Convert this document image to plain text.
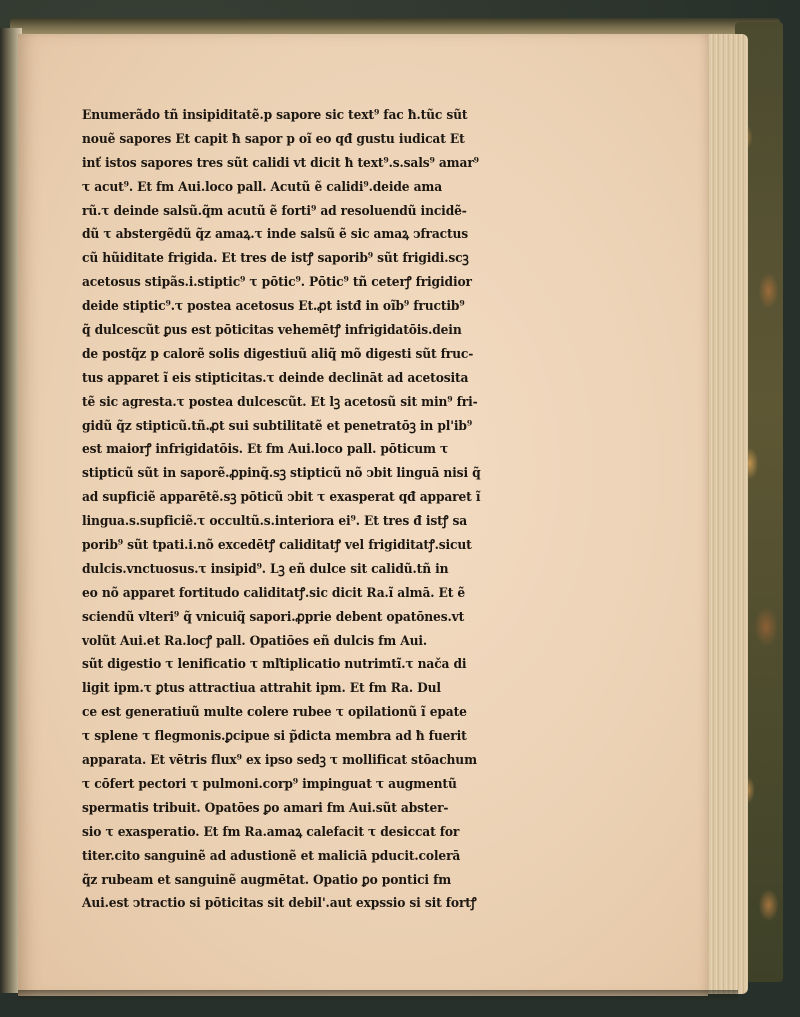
Enumerãdo tñ insipiditatẽ.p sapore sic text⁹ fac ħ.tũc sũt
nouẽ sapores Et capit ħ sapor p oĩ eo qđ gustu iudicat Et
inť istos sapores tres sũt calidi vt dicit ħ text⁹.s.sals⁹ amar⁹
τ acut⁹. Et fm Aui.loco pall. Acutũ ẽ calidi⁹.deide ama
rũ.τ deinde salsũ.q̃m acutũ ẽ forti⁹ ad resoluendũ incidẽ-
dũ τ abstergẽdũ q̃z amaꝝ.τ inde salsũ ẽ sic amaꝝ ↄfractus
cũ hũiditate frigida. Et tres de istꝭ saporib⁹ sũt frigidi.scꝫ
acetosus stipãs.i.stiptic⁹ τ pōtic⁹. Pōtic⁹ tñ ceterꝭ frigidior
deide stiptic⁹.τ postea acetosus Et.ꝓt istđ in oĩb⁹ fructib⁹
q̃ dulcescũt ꝑus est pōticitas vehemētꝭ infrigidatōis.dein
de postq̃z p calorẽ solis digestiuũ aliq̃ mõ digesti sũt fruc-
tus apparet ĩ eis stipticitas.τ deinde declināt ad acetosita
tẽ sic agresta.τ postea dulcescũt. Et lꝫ acetosũ sit min⁹ fri-
gidũ q̃z stipticũ.tñ.ꝓt sui subtilitatẽ et penetratōꝫ in pl'ib⁹
est maiorꝭ infrigidatōis. Et fm Aui.loco pall. pōticum τ
stipticũ sũt in saporẽ.ꝓpinq̃.sꝫ stipticũ nõ ↄbit linguā nisi q̃
ad supficiẽ apparētẽ.sꝫ pōticũ ↄbit τ exasperat qđ apparet ĩ
lingua.s.supficiẽ.τ occultũ.s.interiora ei⁹. Et tres đ istꝭ sa
porib⁹ sũt tpati.i.nõ excedētꝭ caliditatꝭ vel frigiditatꝭ.sicut
dulcis.vnctuosus.τ insipid⁹. Lꝫ eñ dulce sit calidũ.tñ in
eo nõ apparet fortitudo caliditatꝭ.sic dicit Ra.ĩ almā. Et ẽ
sciendũ vlteri⁹ q̃ vnicuiq̃ sapori.ꝓprie debent opatōnes.vt
volũt Aui.et Ra.locꝭ pall. Opatiōes eñ dulcis fm Aui.
sũt digestio τ lenificatio τ mľtiplicatio nutrimtĩ.τ nača di
ligit ipm.τ ꝑtus attractiua attrahit ipm. Et fm Ra. Dul
ce est generatiuũ multe colere rubee τ opilationũ ĩ epate
τ splene τ flegmonis.ꝑcipue si p̃dicta membra ad ħ fuerit
apparata. Et vētris flux⁹ ex ipso sedꝫ τ mollificat stōachum
τ cōfert pectori τ pulmoni.corp⁹ impinguat τ augmentũ
spermatis tribuit. Opatōes ꝑo amari fm Aui.sũt abster-
sio τ exasperatio. Et fm Ra.amaꝝ calefacit τ desiccat for
titer.cito sanguinẽ ad adustionẽ et maliciā pducit.colerā
q̃z rubeam et sanguinẽ augmētat. Opatio ꝑo pontici fm
Aui.est ↄtractio si pōticitas sit debil'.aut expssio si sit fortꝭ
